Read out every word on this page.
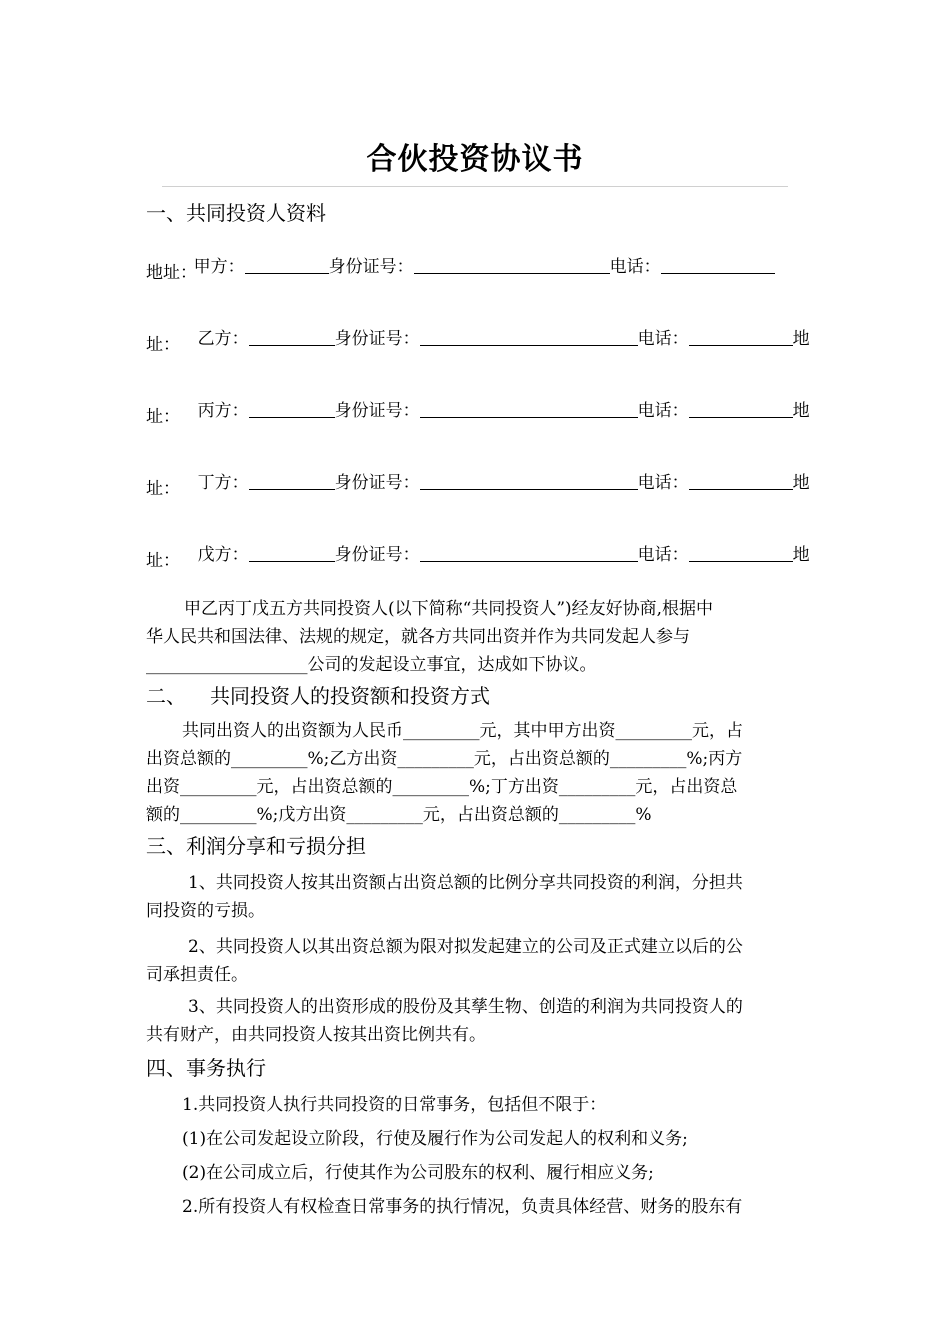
合伙投资协议书
一、共同投资人资料

甲方：	身份证号：	电话：

地址：

乙方：	身份证号：	电话：	地

址：

丙方：	身份证号：	电话：	地

址：

丁方：	身份证号：	电话：	地

址：

戊方：	身份证号：	电话：	地

址：
甲乙丙丁戊五方共同投资人(以下简称“共同投资人”)经友好协商,根据中
华人民共和国法律、法规的规定，就各方共同出资并作为共同发起人参与
___________________公司的发起设立事宜，达成如下协议。
二、 共同投资人的投资额和投资方式
共同出资人的出资额为人民币_________元，其中甲方出资_________元，占
出资总额的_________%;乙方出资_________元，占出资总额的_________%;丙方
出资_________元，占出资总额的_________%;丁方出资_________元，占出资总
额的_________%;戊方出资_________元，占出资总额的_________%
三、利润分享和亏损分担
1、共同投资人按其出资额占出资总额的比例分享共同投资的利润，分担共
同投资的亏损。
2、共同投资人以其出资总额为限对拟发起建立的公司及正式建立以后的公
司承担责任。
3、共同投资人的出资形成的股份及其孳生物、创造的利润为共同投资人的
共有财产，由共同投资人按其出资比例共有。
四、事务执行
1.共同投资人执行共同投资的日常事务，包括但不限于：
(1)在公司发起设立阶段，行使及履行作为公司发起人的权利和义务;
(2)在公司成立后，行使其作为公司股东的权利、履行相应义务;
2.所有投资人有权检查日常事务的执行情况，负责具体经营、财务的股东有
